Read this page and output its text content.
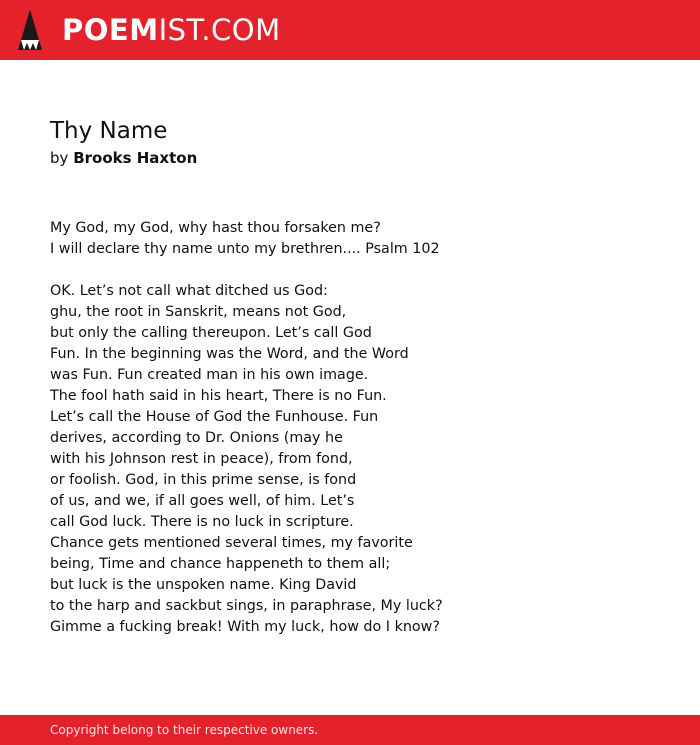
POEMIST.COM
Thy Name
by Brooks Haxton
My God, my God, why hast thou forsaken me?
I will declare thy name unto my brethren.... Psalm 102
OK. Let’s not call what ditched us God:
ghu, the root in Sanskrit, means not God,
but only the calling thereupon. Let’s call God
Fun. In the beginning was the Word, and the Word
was Fun. Fun created man in his own image.
The fool hath said in his heart, There is no Fun.
Let’s call the House of God the Funhouse. Fun
derives, according to Dr. Onions (may he
with his Johnson rest in peace), from fond,
or foolish. God, in this prime sense, is fond
of us, and we, if all goes well, of him. Let’s
call God luck. There is no luck in scripture.
Chance gets mentioned several times, my favorite
being, Time and chance happeneth to them all;
but luck is the unspoken name. King David
to the harp and sackbut sings, in paraphrase, My luck?
Gimme a fucking break! With my luck, how do I know?
Copyright belong to their respective owners.
